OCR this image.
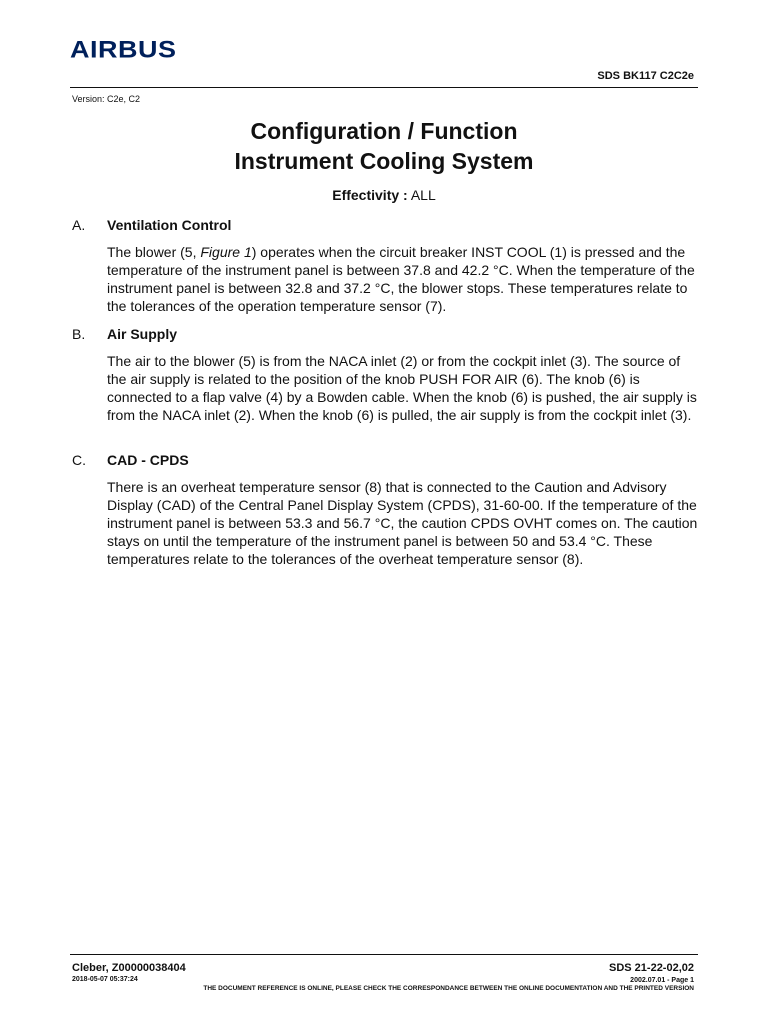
AIRBUS
SDS BK117 C2C2e
Version: C2e, C2
Configuration / Function
Instrument Cooling System
Effectivity : ALL
A.	Ventilation Control
The blower (5, Figure 1) operates when the circuit breaker INST COOL (1) is pressed and the temperature of the instrument panel is between 37.8 and 42.2 °C. When the temperature of the instrument panel is between 32.8 and 37.2 °C, the blower stops. These temperatures relate to the tolerances of the operation temperature sensor (7).
B.	Air Supply
The air to the blower (5) is from the NACA inlet (2) or from the cockpit inlet (3). The source of the air supply is related to the position of the knob PUSH FOR AIR (6). The knob (6) is connected to a flap valve (4) by a Bowden cable. When the knob (6) is pushed, the air supply is from the NACA inlet (2). When the knob (6) is pulled, the air supply is from the cockpit inlet (3).
C.	CAD - CPDS
There is an overheat temperature sensor (8) that is connected to the Caution and Advisory Display (CAD) of the Central Panel Display System (CPDS), 31-60-00. If the temperature of the instrument panel is between 53.3 and 56.7 °C, the caution CPDS OVHT comes on. The caution stays on until the temperature of the instrument panel is between 50 and 53.4 °C. These temperatures relate to the tolerances of the overheat temperature sensor (8).
Cleber, Z00000038404
2018-05-07 05:37:24
SDS 21-22-02,02
2002.07.01 - Page 1
THE DOCUMENT REFERENCE IS ONLINE, PLEASE CHECK THE CORRESPONDANCE BETWEEN THE ONLINE DOCUMENTATION AND THE PRINTED VERSION
